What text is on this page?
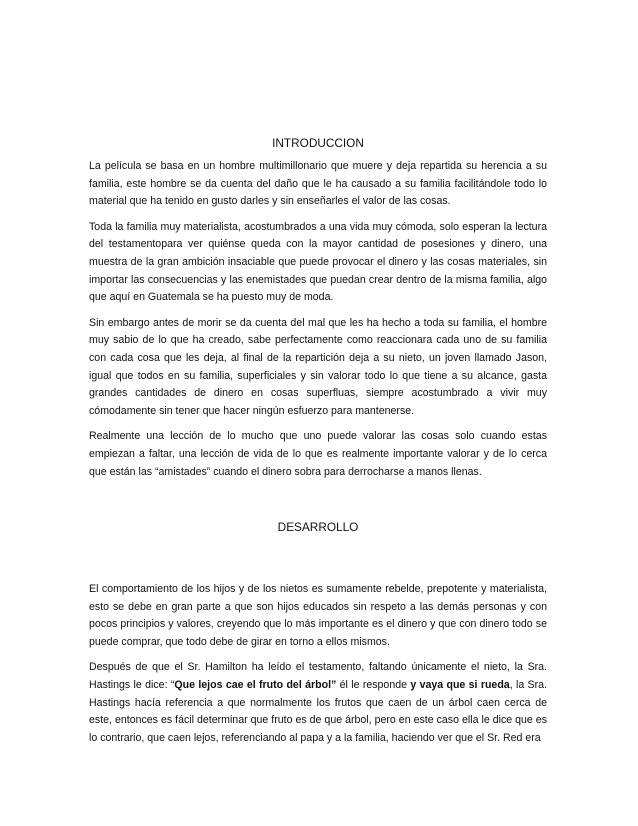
INTRODUCCION

La película se basa en un hombre multimillonario que muere y deja repartida su herencia a su familia, este hombre se da cuenta del daño que le ha causado a su familia facilitándole todo lo material que ha tenido en gusto darles y sin enseñarles el valor de las cosas.

Toda la familia muy materialista, acostumbrados a una vida muy cómoda, solo esperan la lectura del testamentopara ver quiénse queda con la mayor cantidad de posesiones y dinero, una muestra de la gran ambición insaciable que puede provocar el dinero y las cosas materiales, sin importar las consecuencias y las enemistades que puedan crear dentro de la misma familia, algo que aquí en Guatemala se ha puesto muy de moda.

Sin embargo antes de morir se da cuenta del mal que les ha hecho a toda su familia, el hombre muy sabio de lo que ha creado, sabe perfectamente como reaccionara cada uno de su familia con cada cosa que les deja, al final de la repartición deja a su nieto, un joven llamado Jason, igual que todos en su familia, superficiales y sin valorar todo lo que tiene a su alcance, gasta grandes cantidades de dinero en cosas superfluas, siempre acostumbrado a vivir muy cómodamente sin tener que hacer ningún esfuerzo para mantenerse.

Realmente una lección de lo mucho que uno puede valorar las cosas solo cuando estas empiezan a faltar, una lección de vida de lo que es realmente importante valorar y de lo cerca que están las “amistades” cuando el dinero sobra para derrocharse a manos llenas.

DESARROLLO

El comportamiento de los hijos y de los nietos es sumamente rebelde, prepotente y materialista, esto se debe en gran parte a que son hijos educados sin respeto a las demás personas y con pocos principios y valores, creyendo que lo más importante es el dinero y que con dinero todo se puede comprar, que todo debe de girar en torno a ellos mismos.

Después de que el Sr. Hamilton ha leído el testamento, faltando únicamente el nieto, la Sra. Hastings le dice: “Que lejos cae el fruto del árbol” él le responde y vaya que si rueda, la Sra. Hastings hacía referencia a que normalmente los frutos que caen de un árbol caen cerca de este, entonces es fácil determinar que fruto es de que árbol, pero en este caso ella le dice que es lo contrario, que caen lejos, referenciando al papa y a la familia, haciendo ver que el Sr. Red era
